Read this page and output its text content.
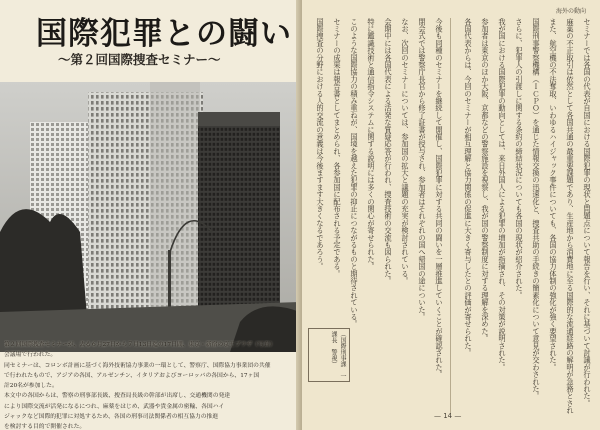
国際犯罪との闘い
〜第２回国際捜査セミナー〜

第２回国際捜査セミナーが、去る６月27日から７月13日迄の17日間、東京・新宿の京王プラザ（写真）

会議場で行われた。

同セミナーは、コロンボ計画に基づく海外技術協力事業の一環として、警察庁、国際協力事業団の共催

で行われたもので、アジアの各国、アルゼンチン、イタリアおよびヨーロッパの各国から、17ヶ国

計20名が参加した。

本文中の各国からは、警察の刑事部長級、捜査局長級の幹部が出席し、交通機関の発達

により国際交流が活発になるにつれ、麻薬をはじめ、武器や貴金属の密輸、各国ハイ

ジャックなど国際的犯罪に対処するため、各国の刑事司法関係者の相互協力の推進

を検討する目的で開催された。

海外の動向
セミナーでは各国の代表が自国における国際犯罪の現状と問題点について報告を行い、それに基づいて討議が行われた。
麻薬の不正取引は依然として各国共通の最重要課題であり、生産地から消費地に至る国際的な流通経路の解明が急務とされ
また、航空機の不法奪取、いわゆるハイジャック事件についても、各国の協力体制の強化が強く要望された。
国際刑事警察機構（ＩＣＰＯ）を通じた情報交換の迅速化と、捜査共助の手続きの簡素化について意見が交わされた。
さらに、犯罪人の引渡しに関する条約の締結状況についても各国の現状が紹介された。
我が国における国際犯罪の動向としては、来日外国人による犯罪の増加が指摘され、その対策が説明された。
参加者は東京のほか大阪、京都などの警察施設を視察し、我が国の警察制度に対する理解を深めた。
各国代表からは、今回のセミナーが相互理解と協力関係の促進に大きく寄与したとの評価が寄せられた。
今後も同種のセミナーを継続して開催し、国際犯罪に対する共同の闘いを一層推進していくことが確認された。
閉会式では警察庁長官から修了証書が授与され、参加者はそれぞれの国へ帰国の途についた。
なお、次回のセミナーについては、参加国の拡大と議題の充実が検討されている。
会期中には各国代表による活発な質疑応答が行われ、捜査技術の交流も図られた。
特に鑑識技術と通信指令システムに関する説明には多くの関心が寄せられた。
このような国際協力の積み重ねが、国境を越えた犯罪の抑止につながるものと期待されている。
セミナーの成果は報告書としてまとめられ、各参加国に配布される予定である。
国際捜査の分野における人的交流の意義は今後ますます大きくなるであろう。
（国際刑事課　一課長　警視）
— 14 —
